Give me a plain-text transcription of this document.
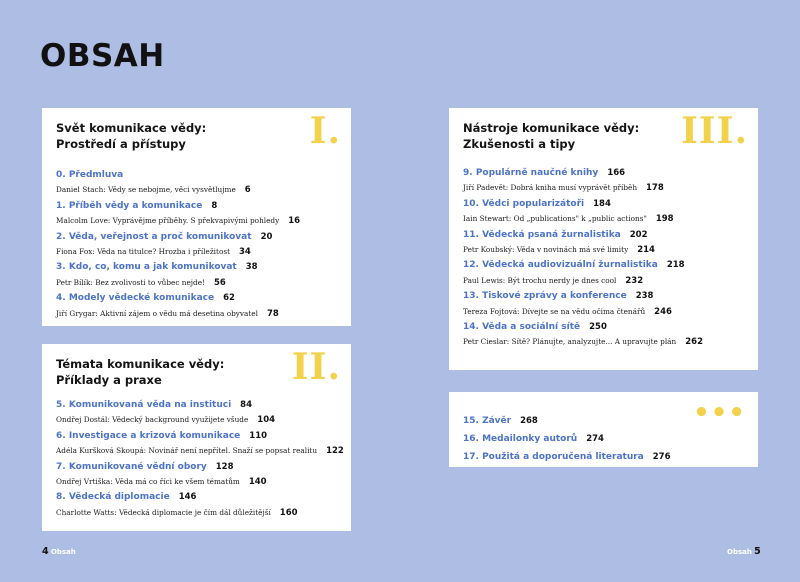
OBSAH
Svět komunikace vědy:
Prostředí a přístupy	I.
0. Předmluva
Daniel Stach: Vědy se nebojme, věci vysvětlujme 6
1. Příběh vědy a komunikace 8
Malcolm Love: Vyprávějme příběhy. S překvapivými pohledy 16
2. Věda, veřejnost a proč komunikovat 20
Fiona Fox: Věda na titulce? Hrozba i příležitost 34
3. Kdo, co, komu a jak komunikovat 38
Petr Bílík: Bez zvolivosti to vůbec nejde! 56
4. Modely vědecké komunikace 62
Jiří Grygar: Aktivní zájem o vědu má desetina obyvatel 78
Témata komunikace vědy:
Příklady a praxe	II.
5. Komunikovaná věda na instituci 84
Ondřej Dostál: Vědecký background využijete všude 104
6. Investigace a krizová komunikace 110
Adéla Kuršková Skoupá: Novinář není nepřítel. Snaží se popsat realitu 122
7. Komunikované vědní obory 128
Ondřej Vrtiška: Věda má co říci ke všem tématům 140
8. Vědecká diplomacie 146
Charlotte Watts: Vědecká diplomacie je čím dál důležitější 160
Nástroje komunikace vědy:
Zkušenosti a tipy	III.
9. Populárně naučné knihy 166
Jiří Padevět: Dobrá kniha musí vyprávět příběh 178
10. Vědci popularizátoři 184
Iain Stewart: Od „publications" k „public actions" 198
11. Vědecká psaná žurnalistika 202
Petr Koubský: Věda v novinách má své limity 214
12. Vědecká audiovizuální žurnalistika 218
Paul Lewis: Být trochu nerdy je dnes cool 232
13. Tiskové zprávy a konference 238
Tereza Fojtová: Dívejte se na vědu očima čtenářů 246
14. Věda a sociální sítě 250
Petr Cieslar: Sítě? Plánujte, analyzujte... A upravujte plán 262
•••
15. Závěr 268
16. Medailonky autorů 274
17. Použitá a doporučená literatura 276
4 Obsah	Obsah 5
